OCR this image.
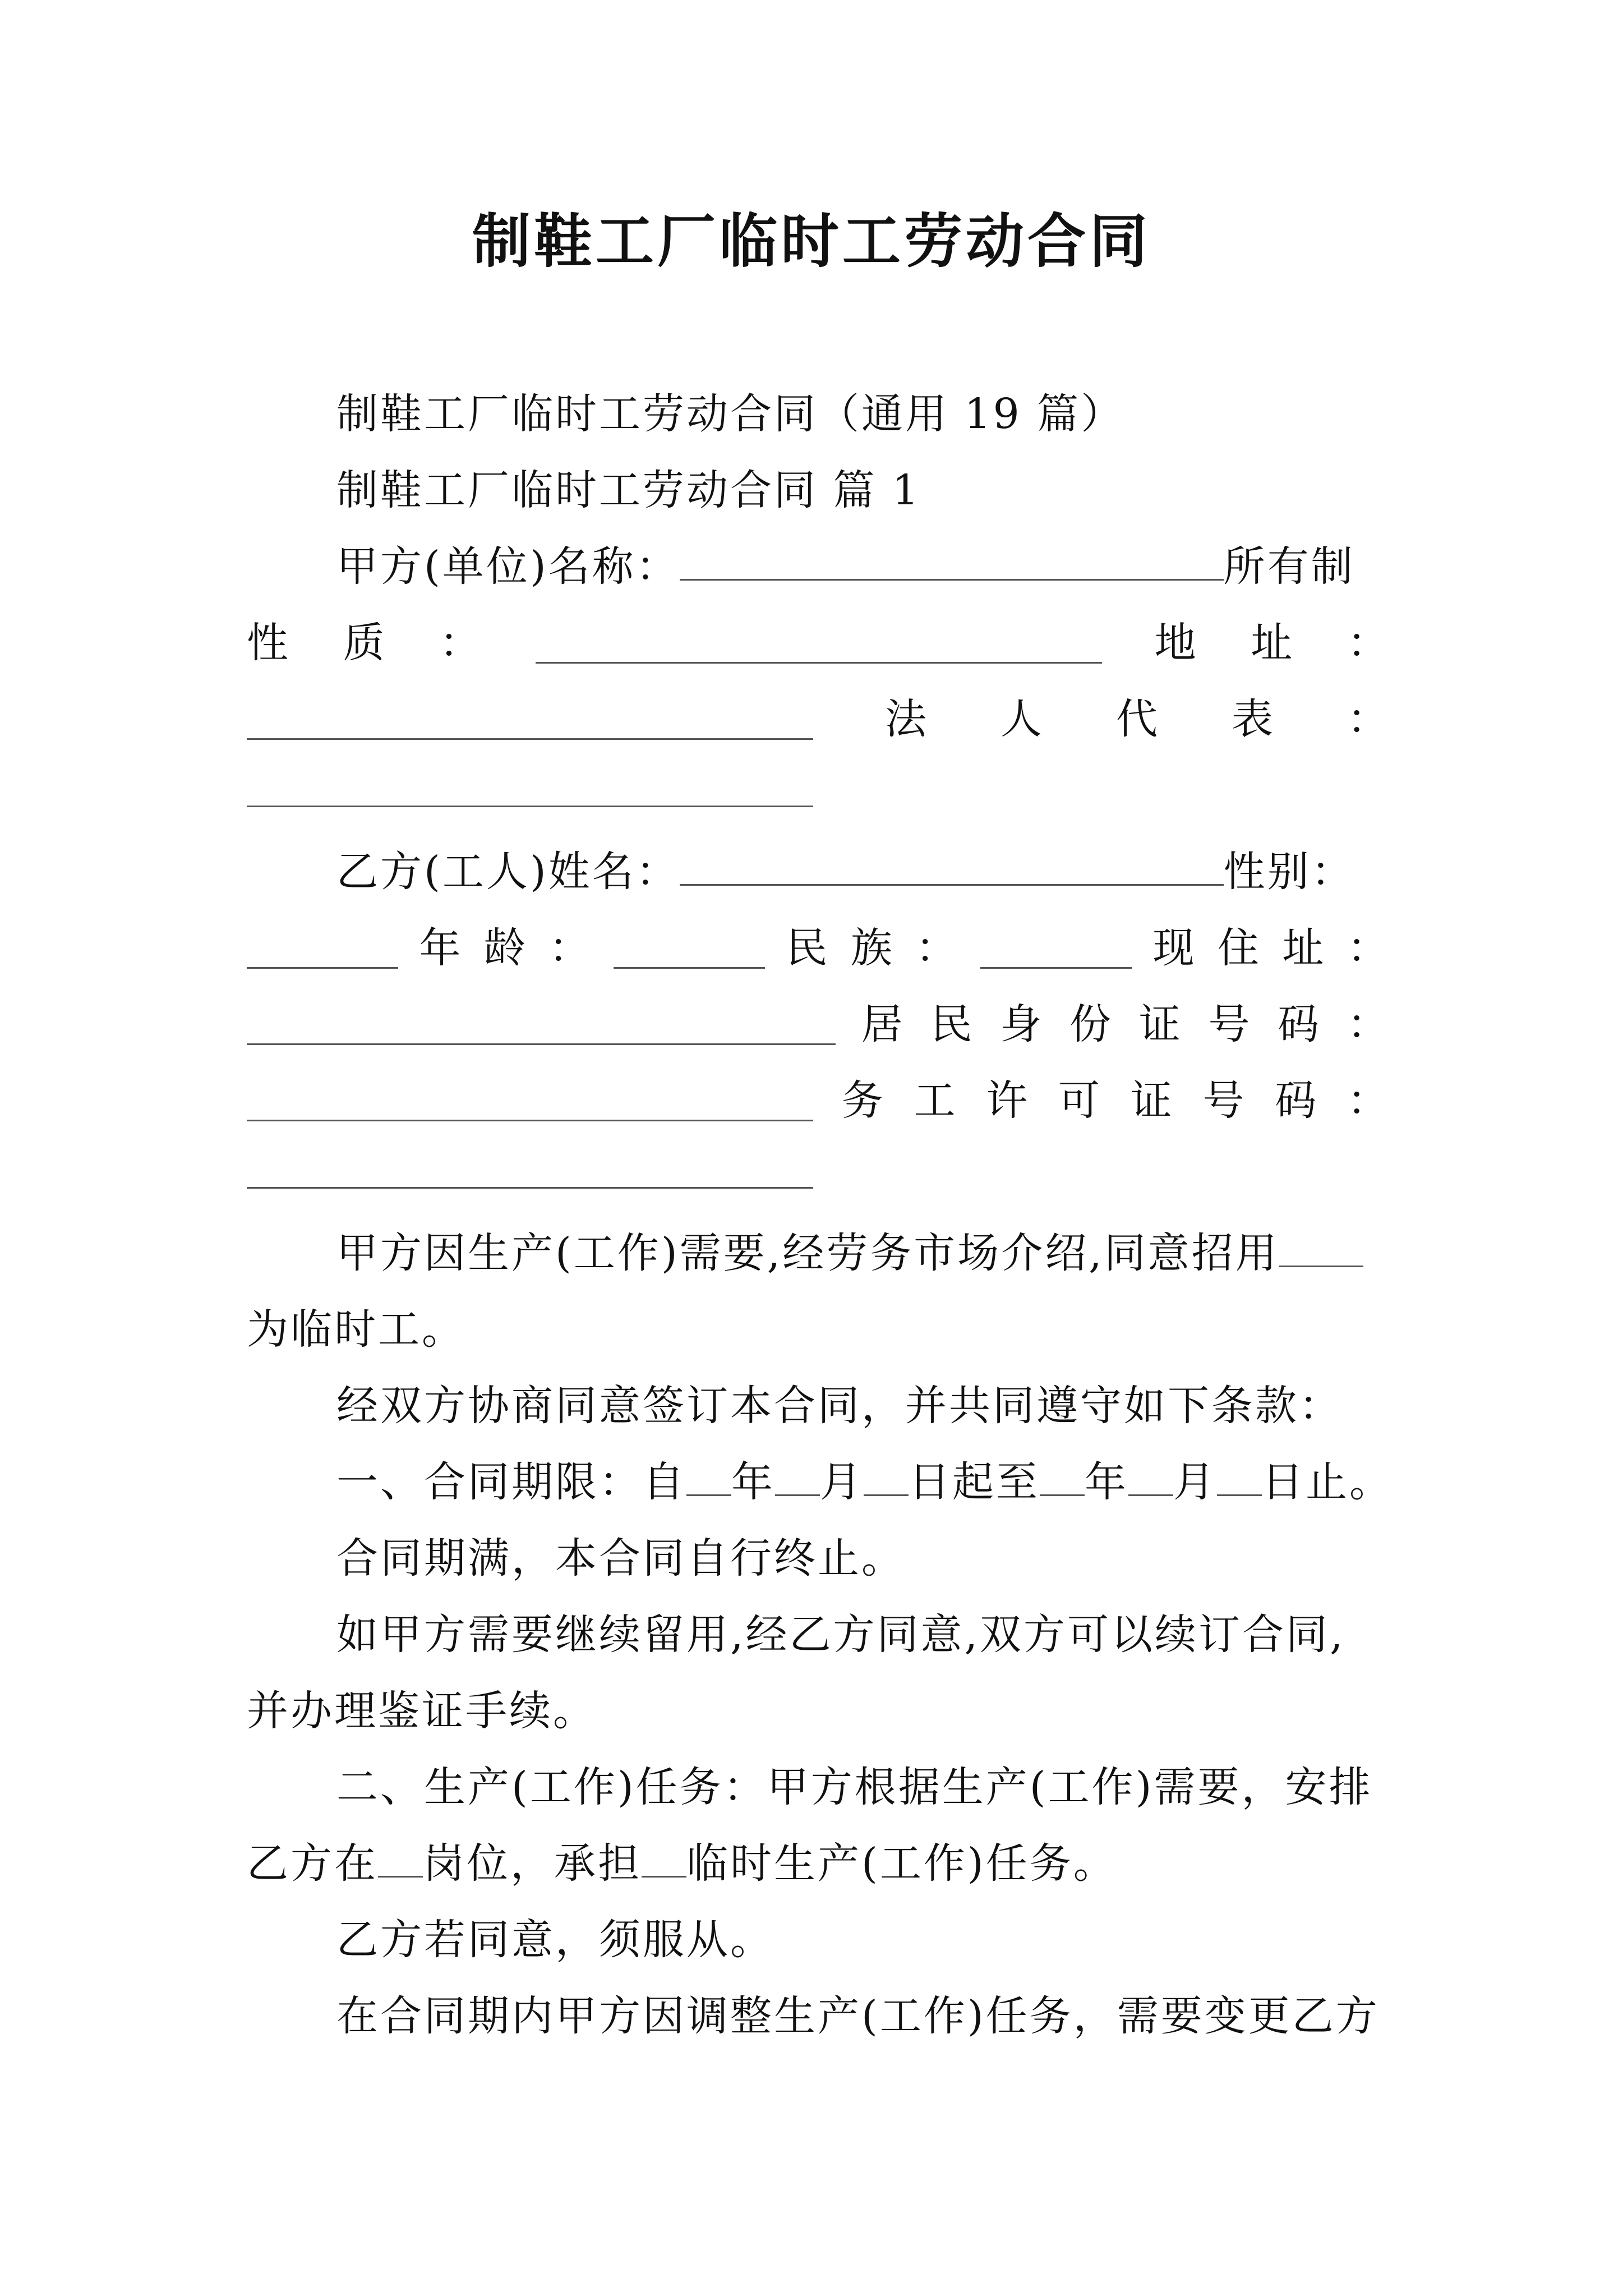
制鞋工厂临时工劳动合同
制鞋工厂临时工劳动合同（通用 19 篇）
制鞋工厂临时工劳动合同 篇 1
甲方(单位)名称：	所有制
性 质 ：	地 址 ：
法 人 代 表 ：
乙方(工人)姓名：	性别：
年 龄 ：	民 族 ：	现 住 址 ：
居 民 身 份 证 号 码 ：
务 工 许 可 证 号 码 ：
甲方因生产(工作)需要,经劳务市场介绍,同意招用
为临时工。
经双方协商同意签订本合同，并共同遵守如下条款：
一、合同期限：自 年 月 日起至 年 月 日止。
合同期满，本合同自行终止。
如甲方需要继续留用,经乙方同意,双方可以续订合同,
并办理鉴证手续。
二、生产(工作)任务：甲方根据生产(工作)需要，安排
乙方在 岗位，承担 临时生产(工作)任务。
乙方若同意，须服从。
在合同期内甲方因调整生产(工作)任务，需要变更乙方
